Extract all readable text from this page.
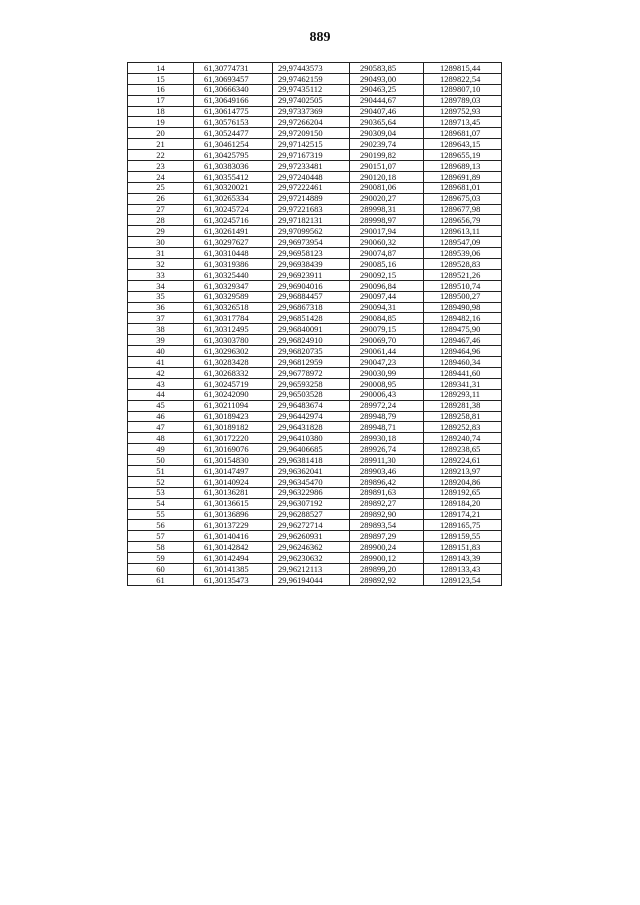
889
14	61,30774731	29,97443573	290583,85	1289815,44
15	61,30693457	29,97462159	290493,00	1289822,54
16	61,30666340	29,97435112	290463,25	1289807,10
17	61,30649166	29,97402505	290444,67	1289789,03
18	61,30614775	29,97337369	290407,46	1289752,93
19	61,30576153	29,97266204	290365,64	1289713,45
20	61,30524477	29,97209150	290309,04	1289681,07
21	61,30461254	29,97142515	290239,74	1289643,15
22	61,30425795	29,97167319	290199,82	1289655,19
23	61,30383036	29,97233481	290151,07	1289689,13
24	61,30355412	29,97240448	290120,18	1289691,89
25	61,30320021	29,97222461	290081,06	1289681,01
26	61,30265334	29,97214889	290020,27	1289675,03
27	61,30245724	29,97221683	289998,31	1289677,98
28	61,30245716	29,97182131	289998,97	1289656,79
29	61,30261491	29,97099562	290017,94	1289613,11
30	61,30297627	29,96973954	290060,32	1289547,09
31	61,30310448	29,96958123	290074,87	1289539,06
32	61,30319386	29,96938439	290085,16	1289528,83
33	61,30325440	29,96923911	290092,15	1289521,26
34	61,30329347	29,96904016	290096,84	1289510,74
35	61,30329589	29,96884457	290097,44	1289500,27
36	61,30326518	29,96867318	290094,31	1289490,98
37	61,30317784	29,96851428	290084,85	1289482,16
38	61,30312495	29,96840091	290079,15	1289475,90
39	61,30303780	29,96824910	290069,70	1289467,46
40	61,30296302	29,96820735	290061,44	1289464,96
41	61,30283428	29,96812959	290047,23	1289460,34
42	61,30268332	29,96778972	290030,99	1289441,60
43	61,30245719	29,96593258	290008,95	1289341,31
44	61,30242090	29,96503528	290006,43	1289293,11
45	61,30211094	29,96483674	289972,24	1289281,38
46	61,30189423	29,96442974	289948,79	1289258,81
47	61,30189182	29,96431828	289948,71	1289252,83
48	61,30172220	29,96410380	289930,18	1289240,74
49	61,30169076	29,96406685	289926,74	1289238,65
50	61,30154830	29,96381418	289911,30	1289224,61
51	61,30147497	29,96362041	289903,46	1289213,97
52	61,30140924	29,96345470	289896,42	1289204,86
53	61,30136281	29,96322986	289891,63	1289192,65
54	61,30136615	29,96307192	289892,27	1289184,20
55	61,30136896	29,96288527	289892,90	1289174,21
56	61,30137229	29,96272714	289893,54	1289165,75
57	61,30140416	29,96260931	289897,29	1289159,55
58	61,30142842	29,96246362	289900,24	1289151,83
59	61,30142494	29,96230632	289900,12	1289143,39
60	61,30141385	29,96212113	289899,20	1289133,43
61	61,30135473	29,96194044	289892,92	1289123,54
